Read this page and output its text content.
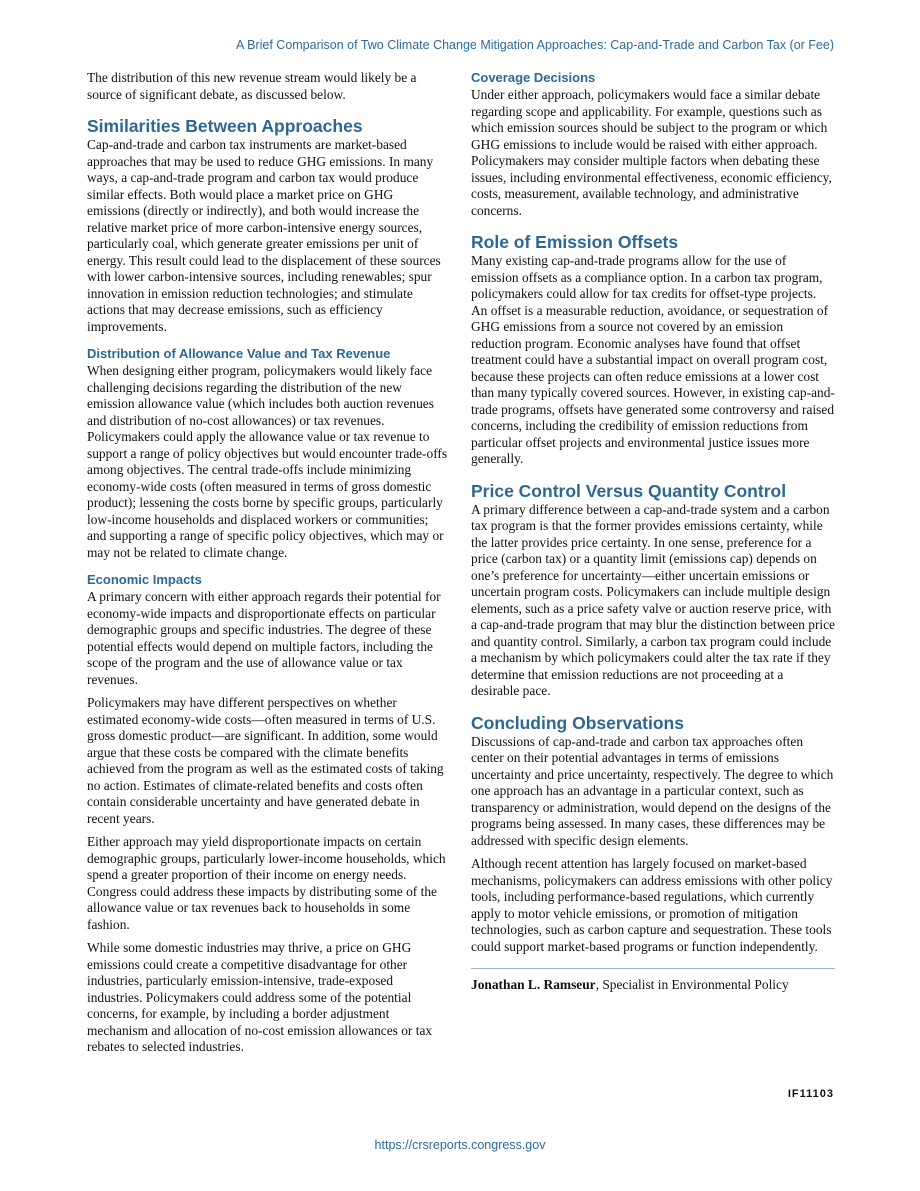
A Brief Comparison of Two Climate Change Mitigation Approaches: Cap-and-Trade and Carbon Tax (or Fee)

The distribution of this new revenue stream would likely be a source of significant debate, as discussed below.

Similarities Between Approaches

Cap-and-trade and carbon tax instruments are market-based approaches that may be used to reduce GHG emissions. In many ways, a cap-and-trade program and carbon tax would produce similar effects. Both would place a market price on GHG emissions (directly or indirectly), and both would increase the relative market price of more carbon-intensive energy sources, particularly coal, which generate greater emissions per unit of energy. This result could lead to the displacement of these sources with lower carbon-intensive sources, including renewables; spur innovation in emission reduction technologies; and stimulate actions that may decrease emissions, such as efficiency improvements.

Distribution of Allowance Value and Tax Revenue

When designing either program, policymakers would likely face challenging decisions regarding the distribution of the new emission allowance value (which includes both auction revenues and distribution of no-cost allowances) or tax revenues. Policymakers could apply the allowance value or tax revenue to support a range of policy objectives but would encounter trade-offs among objectives. The central trade-offs include minimizing economy-wide costs (often measured in terms of gross domestic product); lessening the costs borne by specific groups, particularly low-income households and displaced workers or communities; and supporting a range of specific policy objectives, which may or may not be related to climate change.

Economic Impacts

A primary concern with either approach regards their potential for economy-wide impacts and disproportionate effects on particular demographic groups and specific industries. The degree of these potential effects would depend on multiple factors, including the scope of the program and the use of allowance value or tax revenues.

Policymakers may have different perspectives on whether estimated economy-wide costs—often measured in terms of U.S. gross domestic product—are significant. In addition, some would argue that these costs be compared with the climate benefits achieved from the program as well as the estimated costs of taking no action. Estimates of climate-related benefits and costs often contain considerable uncertainty and have generated debate in recent years.

Either approach may yield disproportionate impacts on certain demographic groups, particularly lower-income households, which spend a greater proportion of their income on energy needs. Congress could address these impacts by distributing some of the allowance value or tax revenues back to households in some fashion.

While some domestic industries may thrive, a price on GHG emissions could create a competitive disadvantage for other industries, particularly emission-intensive, trade-exposed industries. Policymakers could address some of the potential concerns, for example, by including a border adjustment mechanism and allocation of no-cost emission allowances or tax rebates to selected industries.

Coverage Decisions

Under either approach, policymakers would face a similar debate regarding scope and applicability. For example, questions such as which emission sources should be subject to the program or which GHG emissions to include would be raised with either approach. Policymakers may consider multiple factors when debating these issues, including environmental effectiveness, economic efficiency, costs, measurement, available technology, and administrative concerns.

Role of Emission Offsets

Many existing cap-and-trade programs allow for the use of emission offsets as a compliance option. In a carbon tax program, policymakers could allow for tax credits for offset-type projects. An offset is a measurable reduction, avoidance, or sequestration of GHG emissions from a source not covered by an emission reduction program. Economic analyses have found that offset treatment could have a substantial impact on overall program cost, because these projects can often reduce emissions at a lower cost than many typically covered sources. However, in existing cap-and-trade programs, offsets have generated some controversy and raised concerns, including the credibility of emission reductions from particular offset projects and environmental justice issues more generally.

Price Control Versus Quantity Control

A primary difference between a cap-and-trade system and a carbon tax program is that the former provides emissions certainty, while the latter provides price certainty. In one sense, preference for a price (carbon tax) or a quantity limit (emissions cap) depends on one’s preference for uncertainty—either uncertain emissions or uncertain program costs. Policymakers can include multiple design elements, such as a price safety valve or auction reserve price, with a cap-and-trade program that may blur the distinction between price and quantity control. Similarly, a carbon tax program could include a mechanism by which policymakers could alter the tax rate if they determine that emission reductions are not proceeding at a desirable pace.

Concluding Observations

Discussions of cap-and-trade and carbon tax approaches often center on their potential advantages in terms of emissions uncertainty and price uncertainty, respectively. The degree to which one approach has an advantage in a particular context, such as transparency or administration, would depend on the designs of the programs being assessed. In many cases, these differences may be addressed with specific design elements.

Although recent attention has largely focused on market-based mechanisms, policymakers can address emissions with other policy tools, including performance-based regulations, which currently apply to motor vehicle emissions, or promotion of mitigation technologies, such as carbon capture and sequestration. These tools could support market-based programs or function independently.

Jonathan L. Ramseur, Specialist in Environmental Policy

IF11103
https://crsreports.congress.gov
